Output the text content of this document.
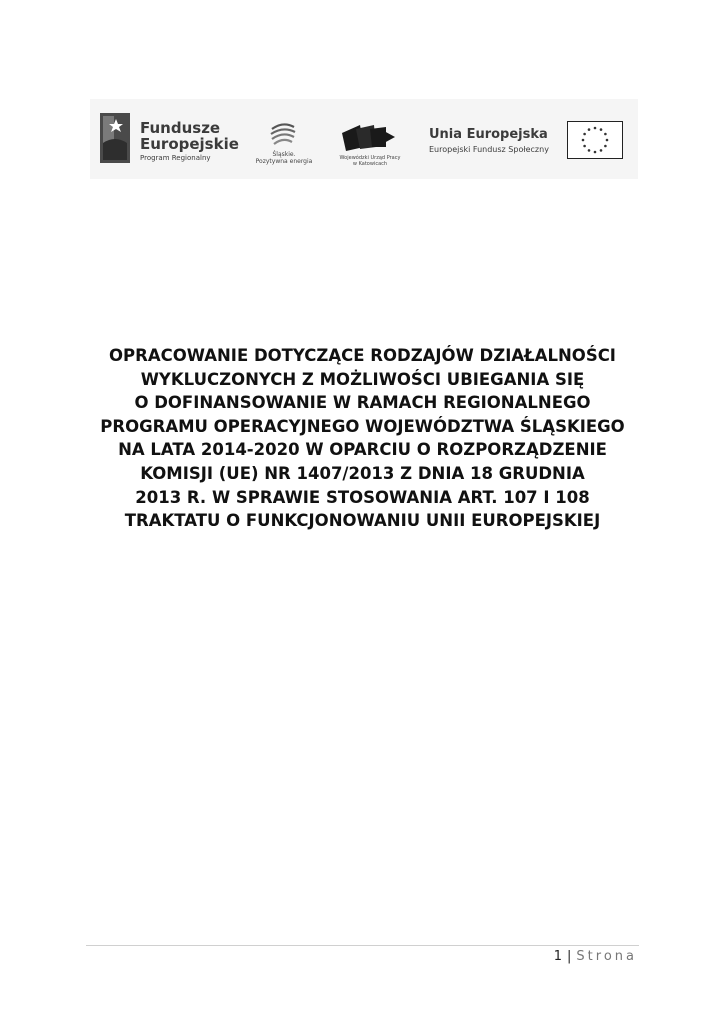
Fundusze
Europejskie
Program Regionalny	Śląskie.
Pozytywna energia
Wojewódzki Urząd Pracy
w Katowicach
Unia Europejska
Europejski Fundusz Społeczny
OPRACOWANIE DOTYCZĄCE RODZAJÓW DZIAŁALNOŚCI
WYKLUCZONYCH Z MOŻLIWOŚCI UBIEGANIA SIĘ
O DOFINANSOWANIE W RAMACH REGIONALNEGO
PROGRAMU OPERACYJNEGO WOJEWÓDZTWA ŚLĄSKIEGO
NA LATA 2014-2020 W OPARCIU O ROZPORZĄDZENIE
KOMISJI (UE) NR 1407/2013 Z DNIA 18 GRUDNIA
2013 R. W SPRAWIE STOSOWANIA ART. 107 I 108
TRAKTATU O FUNKCJONOWANIU UNII EUROPEJSKIEJ
1 | Strona
